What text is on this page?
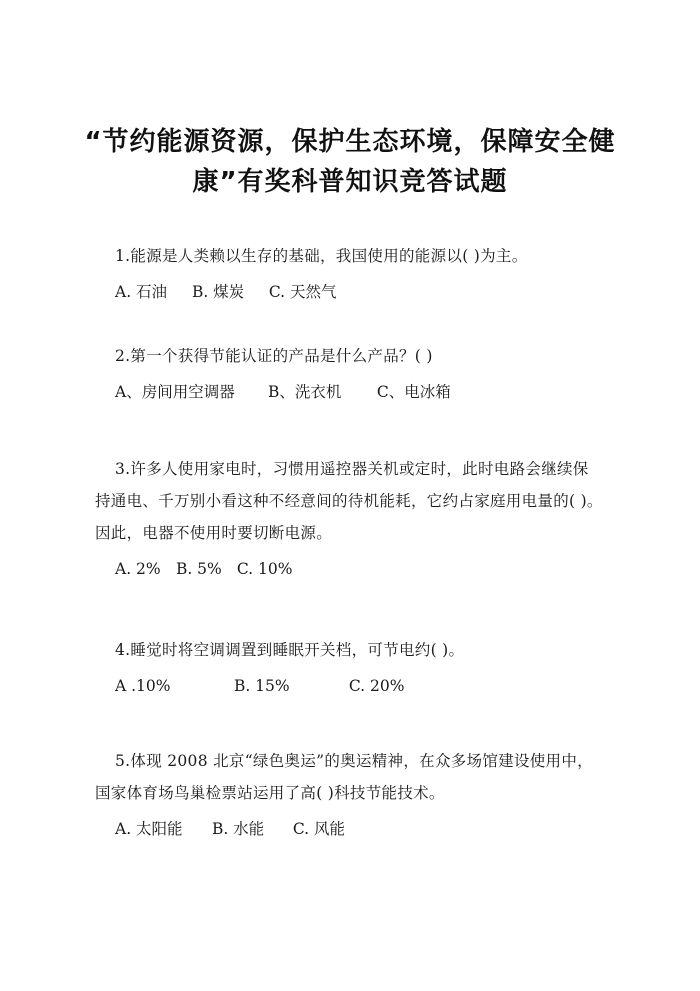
“节约能源资源，保护生态环境，保障安全健
康”有奖科普知识竞答试题
1.能源是人类赖以生存的基础，我国使用的能源以( )为主。
A. 石油 B. 煤炭 C. 天然气
2.第一个获得节能认证的产品是什么产品？( )
A、房间用空调器 B、洗衣机 C、电冰箱
3.许多人使用家电时，习惯用遥控器关机或定时，此时电路会继续保
持通电、千万别小看这种不经意间的待机能耗，它约占家庭用电量的( )。
因此，电器不使用时要切断电源。
A. 2% B. 5% C. 10%
4.睡觉时将空调调置到睡眠开关档，可节电约( )。
A .10%	B. 15%	C. 20%
5.体现 2008 北京“绿色奥运”的奥运精神，在众多场馆建设使用中，
国家体育场鸟巢检票站运用了高( )科技节能技术。
A. 太阳能 B. 水能 C. 风能
